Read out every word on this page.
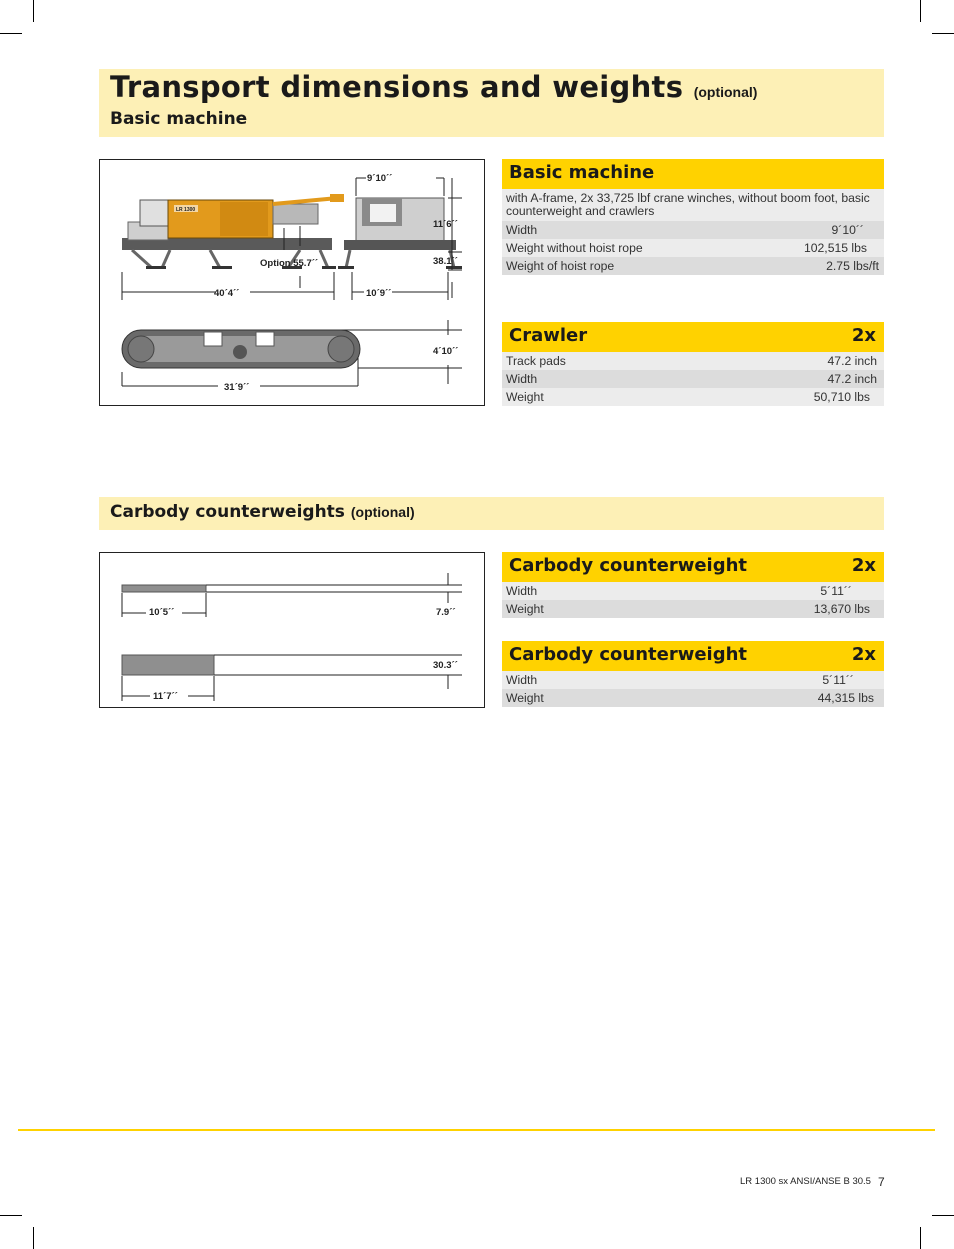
Transport dimensions and weights (optional)
Basic machine
LR 1300
9´10´´
11´6´´
38.1´´
Option 55.7´´
40´4´´	10´9´´
4´10´´
31´9´´
Basic machine
with A-frame, 2x 33,725 lbf crane winches, without boom foot, basic counterweight and crawlers
Width	9´10´´
Weight without hoist rope	102,515 lbs
Weight of hoist rope	2.75 lbs/ft
Crawler	2x
Track pads	47.2 inch
Width	47.2 inch
Weight	50,710 lbs
Carbody counterweights (optional)
10´5´´	7.9´´
30.3´´
11´7´´
Carbody counterweight	2x
Width	5´11´´
Weight	13,670 lbs
Carbody counterweight	2x
Width	5´11´´
Weight	44,315 lbs
LR 1300 sx ANSI/ANSE B 30.5 7
